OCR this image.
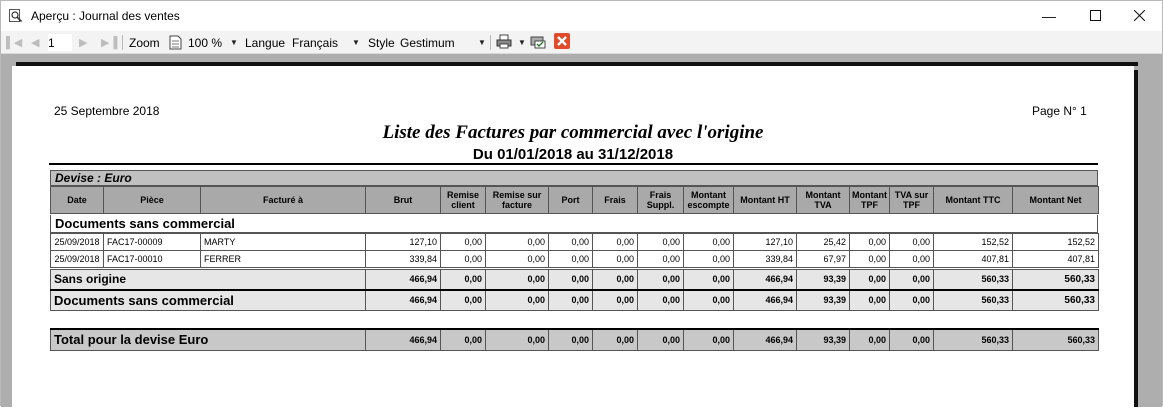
Aperçu : Journal des ventes	—
▌◀ ◀ 1 ▶ ▶▐ Zoom 100 % ▼ Langue Français ▼ Style Gestimum	▼	▼
25 Septembre 2018	Page N° 1
Liste des Factures par commercial avec l'origine
Du 01/01/2018 au 31/12/2018
Devise : Euro
Date	Pièce	Facturé à	Brut	Remise client	Remise sur facture	Port	Frais	Frais Suppl.	Montant escompte	Montant HT	Montant TVA	Montant TPF	TVA sur TPF	Montant TTC	Montant Net
Documents sans commercial
25/09/2018	FAC17-00009	MARTY	127,10	0,00	0,00	0,00	0,00	0,00	0,00	127,10	25,42	0,00	0,00	152,52	152,52
25/09/2018	FAC17-00010	FERRER	339,84	0,00	0,00	0,00	0,00	0,00	0,00	339,84	67,97	0,00	0,00	407,81	407,81
Sans origine	466,94	0,00	0,00	0,00	0,00	0,00	0,00	466,94	93,39	0,00	0,00	560,33	560,33
Documents sans commercial	466,94	0,00	0,00	0,00	0,00	0,00	0,00	466,94	93,39	0,00	0,00	560,33	560,33
Total pour la devise Euro	466,94	0,00	0,00	0,00	0,00	0,00	0,00	466,94	93,39	0,00	0,00	560,33	560,33
